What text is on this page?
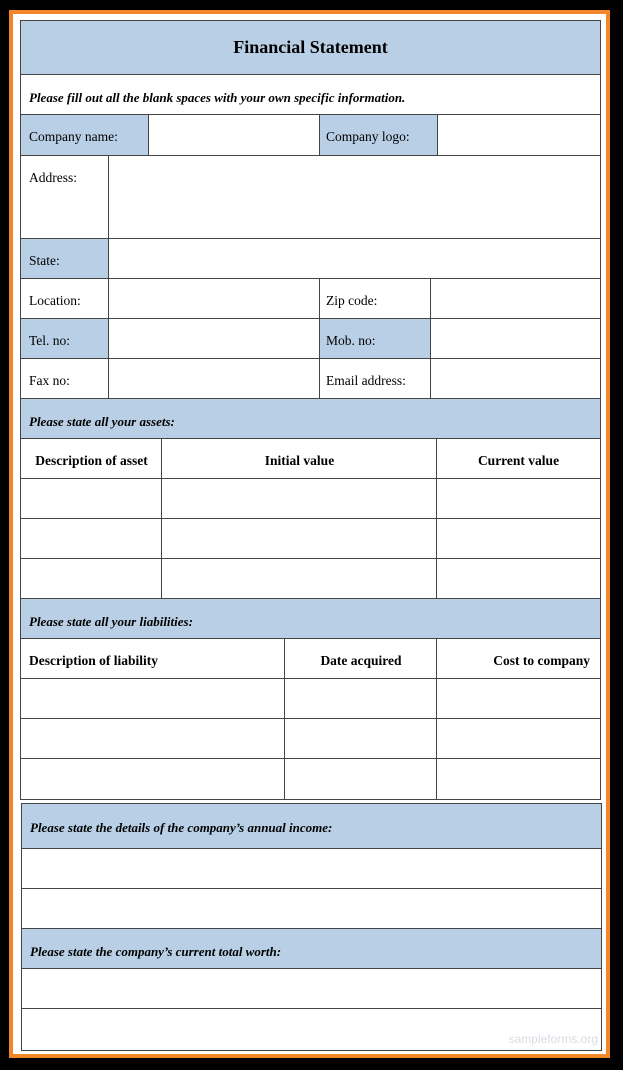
Financial Statement
Please fill out all the blank spaces with your own specific information.
Company name:	Company logo:
Address:
State:
Location:	Zip code:
Tel. no:	Mob. no:
Fax no:	Email address:
Please state all your assets:
Description of asset	Initial value	Current value
Please state all your liabilities:
Description of liability	Date acquired	Cost to company
Please state the details of the company’s annual income:
Please state the company’s current total worth:
sampleforms.org
